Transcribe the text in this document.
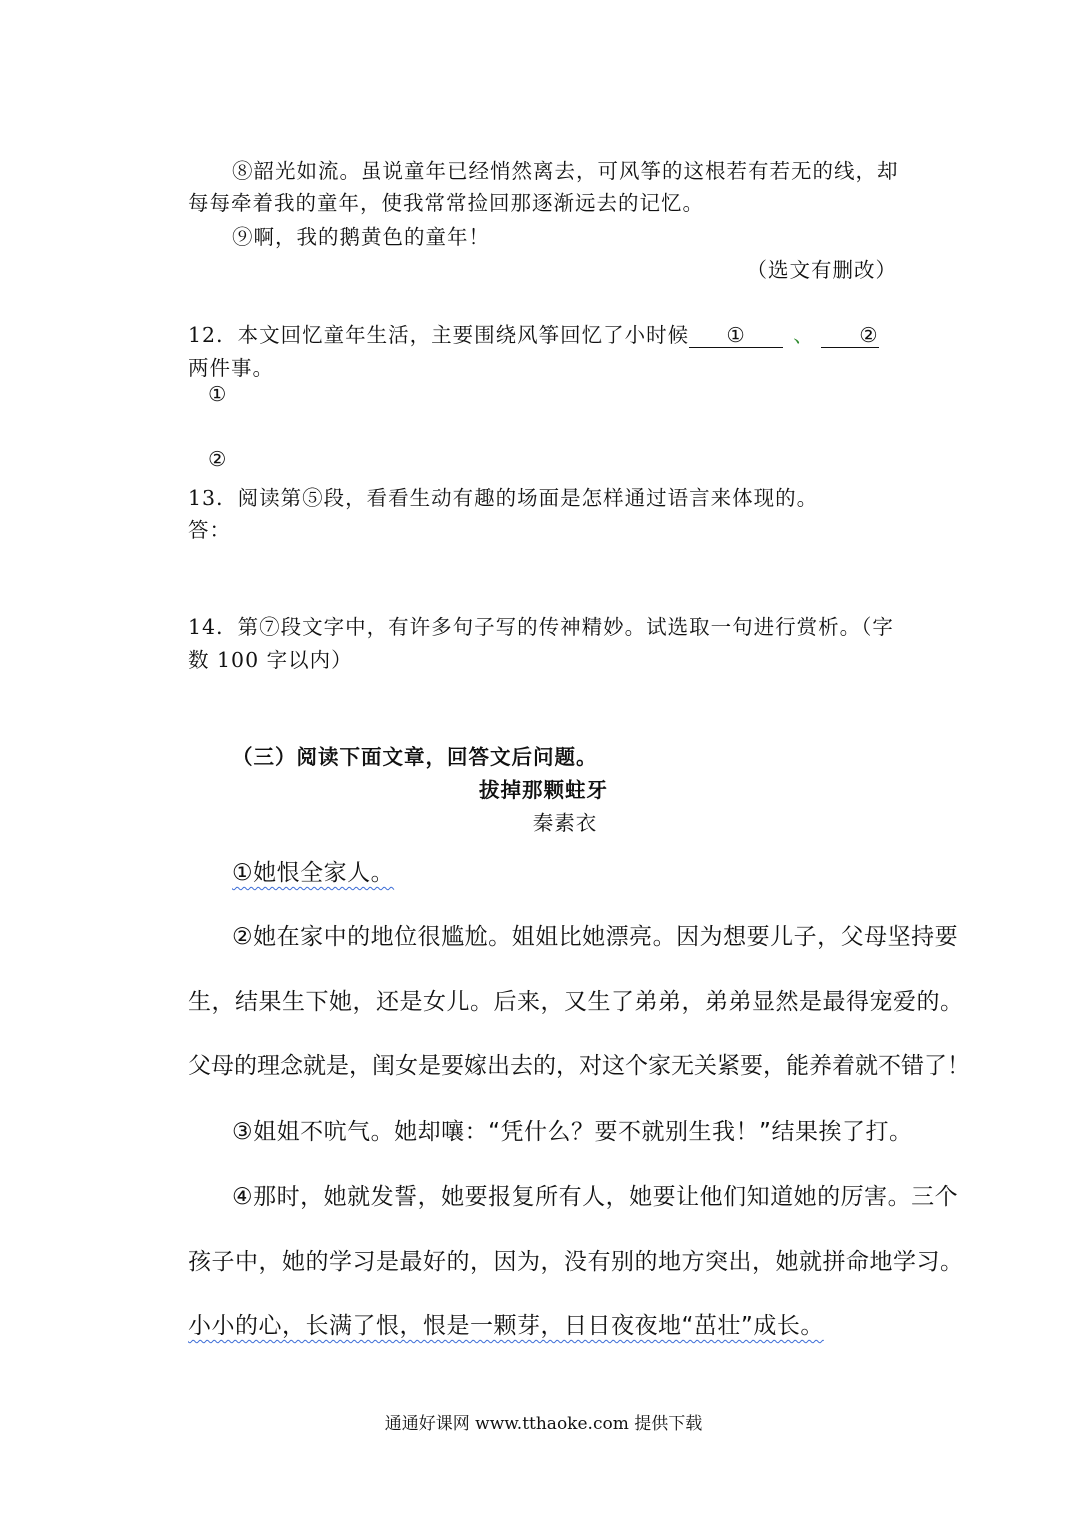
⑧韶光如流。虽说童年已经悄然离去，可风筝的这根若有若无的线，却
每每牵着我的童年，使我常常捡回那逐渐远去的记忆。
⑨啊，我的鹅黄色的童年！
（选文有删改）
12．本文回忆童年生活，主要围绕风筝回忆了小时候 ① 、 ②
两件事。
①
②
13．阅读第⑤段，看看生动有趣的场面是怎样通过语言来体现的。
答：
14．第⑦段文字中，有许多句子写的传神精妙。试选取一句进行赏析。（字
数 100 字以内）
（三）阅读下面文章，回答文后问题。
拔掉那颗蛀牙
秦素衣
①她恨全家人。
②她在家中的地位很尴尬。姐姐比她漂亮。因为想要儿子，父母坚持要
生，结果生下她，还是女儿。后来，又生了弟弟，弟弟显然是最得宠爱的。
父母的理念就是，闺女是要嫁出去的，对这个家无关紧要，能养着就不错了！
③姐姐不吭气。她却嚷：“凭什么？要不就别生我！”结果挨了打。
④那时，她就发誓，她要报复所有人，她要让他们知道她的厉害。三个
孩子中，她的学习是最好的，因为，没有别的地方突出，她就拼命地学习。
小小的心，长满了恨，恨是一颗芽，日日夜夜地“茁壮”成长。
通通好课网 www.tthaoke.com 提供下载
